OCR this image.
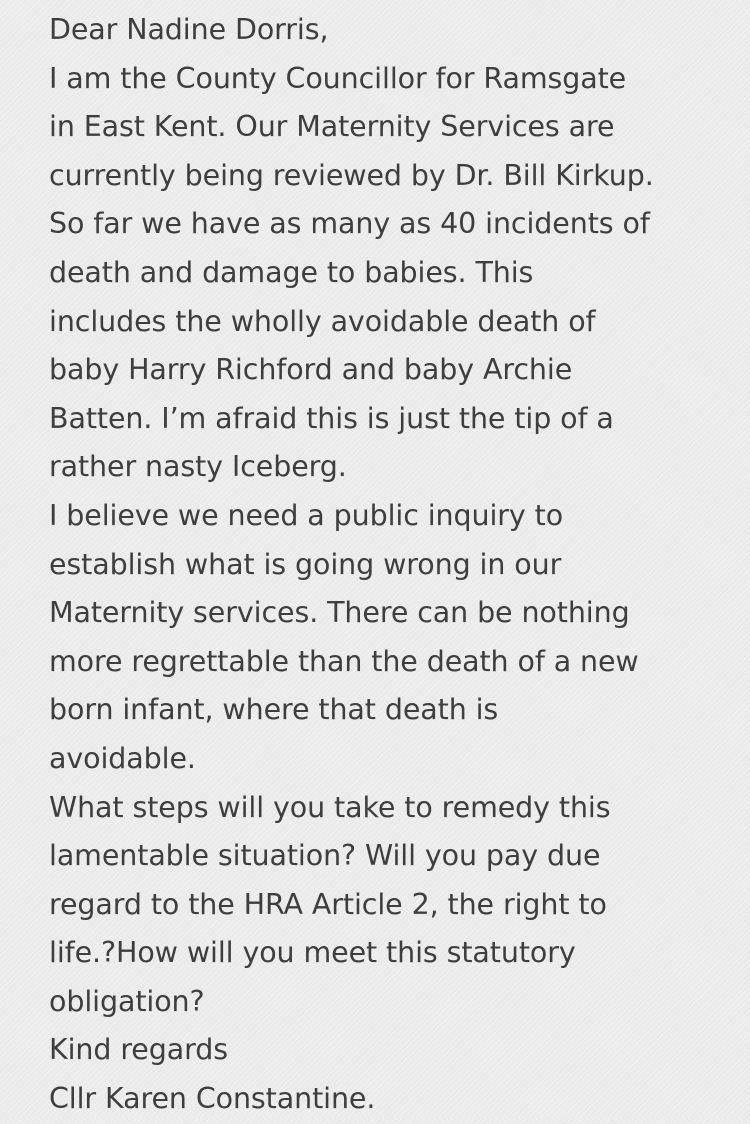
Dear Nadine Dorris,
I am the County Councillor for Ramsgate
in East Kent. Our Maternity Services are
currently being reviewed by Dr. Bill Kirkup.
So far we have as many as 40 incidents of
death and damage to babies. This
includes the wholly avoidable death of
baby Harry Richford and baby Archie
Batten. I’m afraid this is just the tip of a
rather nasty Iceberg.
I believe we need a public inquiry to
establish what is going wrong in our
Maternity services. There can be nothing
more regrettable than the death of a new
born infant, where that death is
avoidable.
What steps will you take to remedy this
lamentable situation? Will you pay due
regard to the HRA Article 2, the right to
life.?How will you meet this statutory
obligation?
Kind regards
Cllr Karen Constantine.
